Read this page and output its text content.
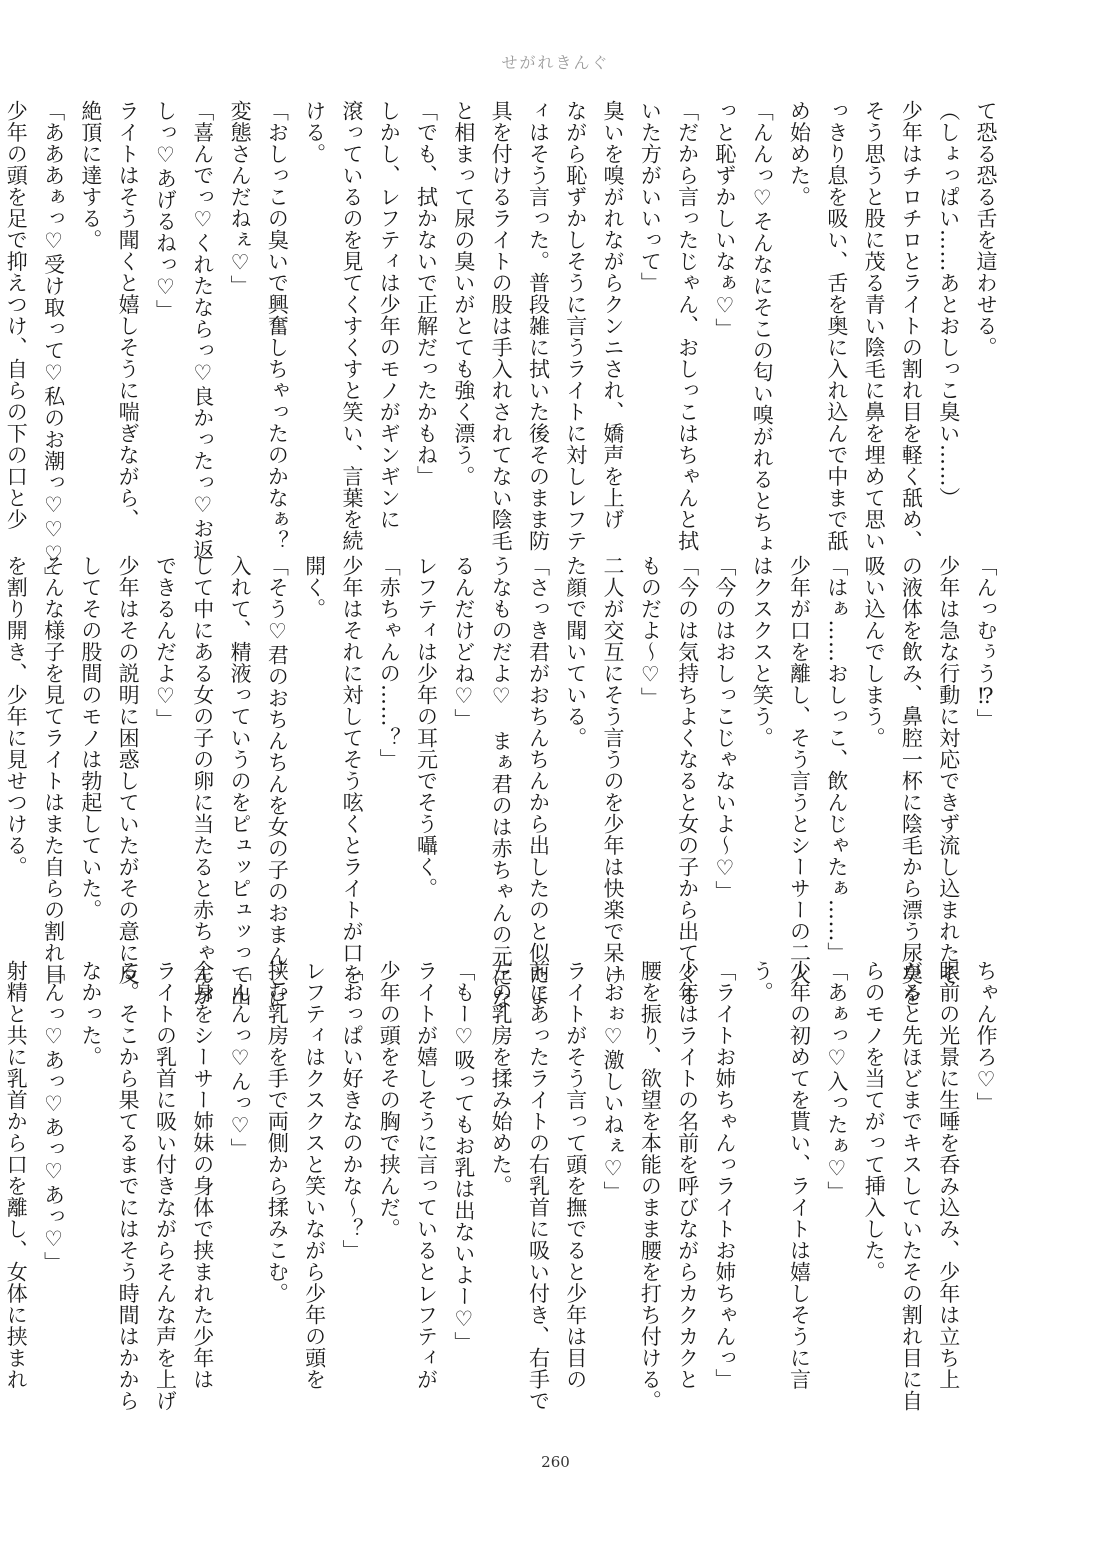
せがれきんぐ

て恐る恐る舌を這わせる。

（しょっぱい……あとおしっこ臭い……）

少年はチロチロとライトの割れ目を軽く舐め、

そう思うと股に茂る青い陰毛に鼻を埋めて思い

っきり息を吸い、舌を奥に入れ込んで中まで舐

め始めた。

「んんっ♡そんなにそこの匂い嗅がれるとちょ

っと恥ずかしいなぁ♡」

「だから言ったじゃん、おしっこはちゃんと拭

いた方がいいって」

臭いを嗅がれながらクンニされ、嬌声を上げ

ながら恥ずかしそうに言うライトに対しレフテ

ィはそう言った。普段雑に拭いた後そのまま防

具を付けるライトの股は手入れされてない陰毛

と相まって尿の臭いがとても強く漂う。

「でも、拭かないで正解だったかもね」

しかし、レフティは少年のモノがギンギンに

滾っているのを見てくすくすと笑い、言葉を続

ける。

「おしっこの臭いで興奮しちゃったのかなぁ？

変態さんだねぇ♡」

「喜んでっ♡くれたならっ♡良かったっ♡お返

しっ♡あげるねっ♡」

ライトはそう聞くと嬉しそうに喘ぎながら、

絶頂に達する。

「あああぁっ♡受け取って♡私のお潮っ♡♡♡」

少年の頭を足で抑えつけ、自らの下の口と少

「んっむぅう⁉」

少年は急な行動に対応できず流し込まれたそ

の液体を飲み、鼻腔一杯に陰毛から漂う尿臭を

吸い込んでしまう。

「はぁ……おしっこ、飲んじゃたぁ……」

少年が口を離し、そう言うとシーサーの二人

はクスクスと笑う。

「今のはおしっこじゃないよ～♡」

「今のは気持ちよくなると女の子から出てくる

ものだよ～♡」

二人が交互にそう言うのを少年は快楽で呆け

た顔で聞いている。

「さっき君がおちんちんから出したのと似たよ

うなものだよ♡　まぁ君のは赤ちゃんの元にな

るんだけどね♡」

レフティは少年の耳元でそう囁く。

「赤ちゃんの……？」

少年はそれに対してそう呟くとライトが口を

開く。

「そう♡君のおちんちんを女の子のおまんこに

入れて、精液っていうのをピュッピュッって出

して中にある女の子の卵に当たると赤ちゃんが

できるんだよ♡」

少年はその説明に困惑していたがその意に反

してその股間のモノは勃起していた。

そんな様子を見てライトはまた自らの割れ目

を割り開き、少年に見せつける。

ちゃん作ろ♡」

眼前の光景に生唾を呑み込み、少年は立ち上

がると先ほどまでキスしていたその割れ目に自

らのモノを当てがって挿入した。

「あぁっ♡入ったぁ♡」

少年の初めてを貰い、ライトは嬉しそうに言

う。

「ライトお姉ちゃんっライトお姉ちゃんっ」

少年はライトの名前を呼びながらカクカクと

腰を振り、欲望を本能のまま腰を打ち付ける。

「おぉ♡激しいねぇ♡」

ライトがそう言って頭を撫でると少年は目の

前にあったライトの右乳首に吸い付き、右手で

左の乳房を揉み始めた。

「もー♡吸ってもお乳は出ないよー♡」

ライトが嬉しそうに言っているとレフティが

少年の頭をその胸で挟んだ。

「おっぱい好きなのかな～？」

レフティはクスクスと笑いながら少年の頭を

挟む乳房を手で両側から揉みこむ。

「んんっ♡んっ♡」

全身をシーサー姉妹の身体で挟まれた少年は

ライトの乳首に吸い付きながらそんな声を上げ

る。そこから果てるまでにはそう時間はかから

なかった。

「んっ♡あっ♡あっ♡あっ♡」

射精と共に乳首から口を離し、女体に挟まれ

260
